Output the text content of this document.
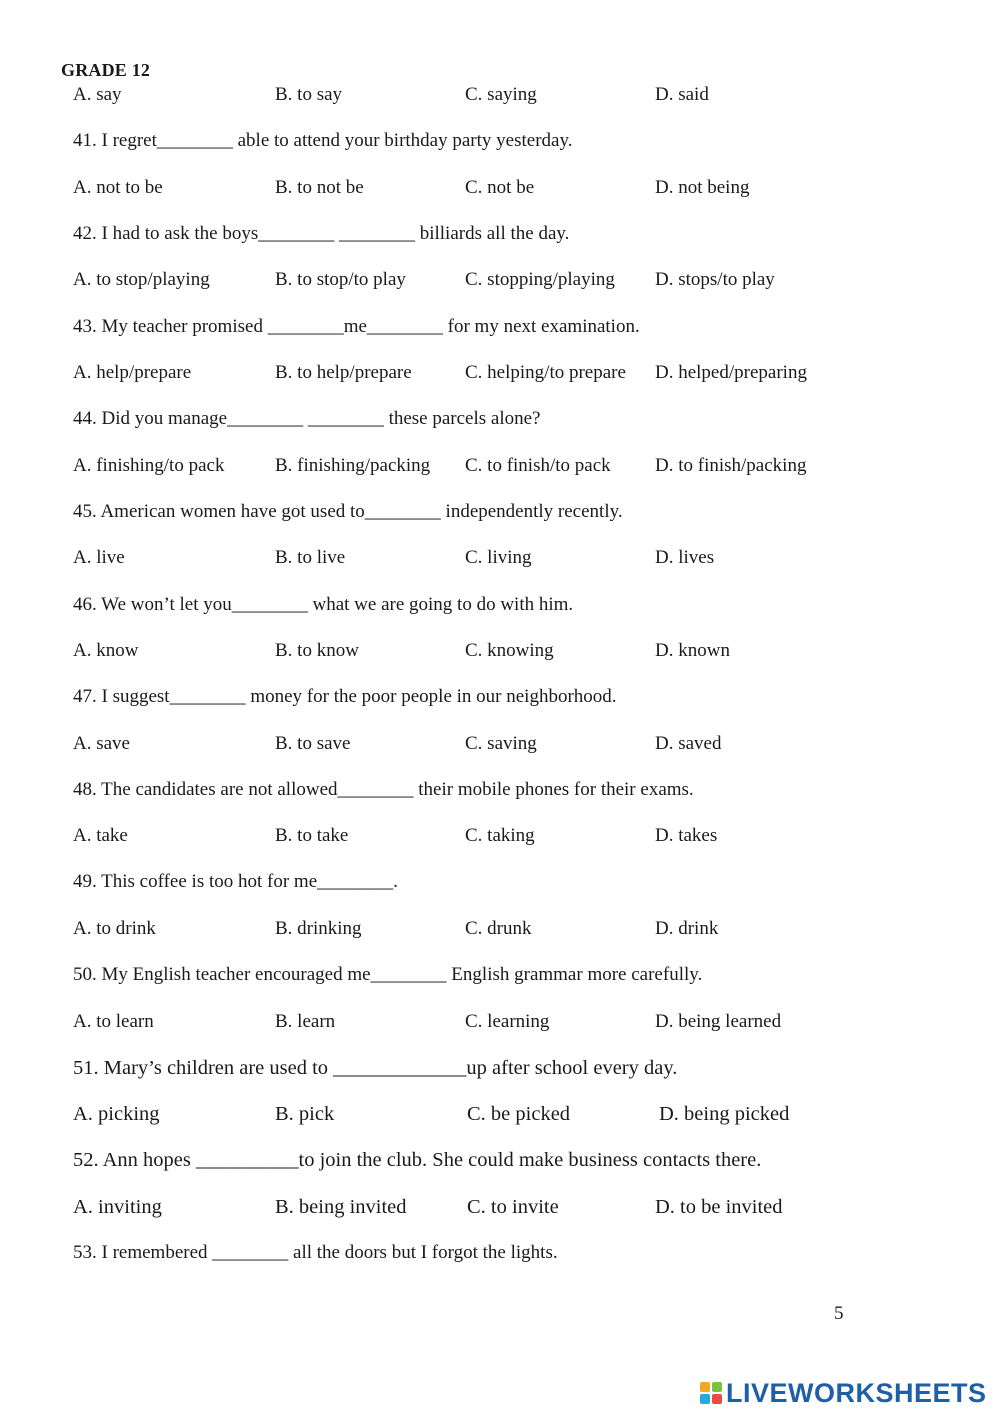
GRADE 12
A. say	B. to say	C. saying	D. said
41. I regret________ able to attend your birthday party yesterday.
A. not to be	B. to not be	C. not be	D. not being
42. I had to ask the boys________ ________ billiards all the day.
A. to stop/playing	B. to stop/to play	C. stopping/playing D. stops/to play
43. My teacher promised ________me________ for my next examination.
A. help/prepare	B. to help/prepare	C. helping/to prepare D. helped/preparing
44. Did you manage________ ________ these parcels alone?
A. finishing/to pack	B. finishing/packing C. to finish/to pack D. to finish/packing
45. American women have got used to________ independently recently.
A. live	B. to live	C. living	D. lives
46. We won’t let you________ what we are going to do with him.
A. know	B. to know	C. knowing	D. known
47. I suggest________ money for the poor people in our neighborhood.
A. save	B. to save	C. saving	D. saved
48. The candidates are not allowed________ their mobile phones for their exams.
A. take	B. to take	C. taking	D. takes
49. This coffee is too hot for me________.
A. to drink	B. drinking	C. drunk	D. drink
50. My English teacher encouraged me________ English grammar more carefully.
A. to learn	B. learn	C. learning	D. being learned
51. Mary’s children are used to _____________up after school every day.
A. picking	B. pick	C. be picked	D. being picked
52. Ann hopes __________to join the club. She could make business contacts there.
A. inviting	B. being invited	C. to invite	D. to be invited
53. I remembered ________ all the doors but I forgot the lights.
5
LIVEWORKSHEETS
